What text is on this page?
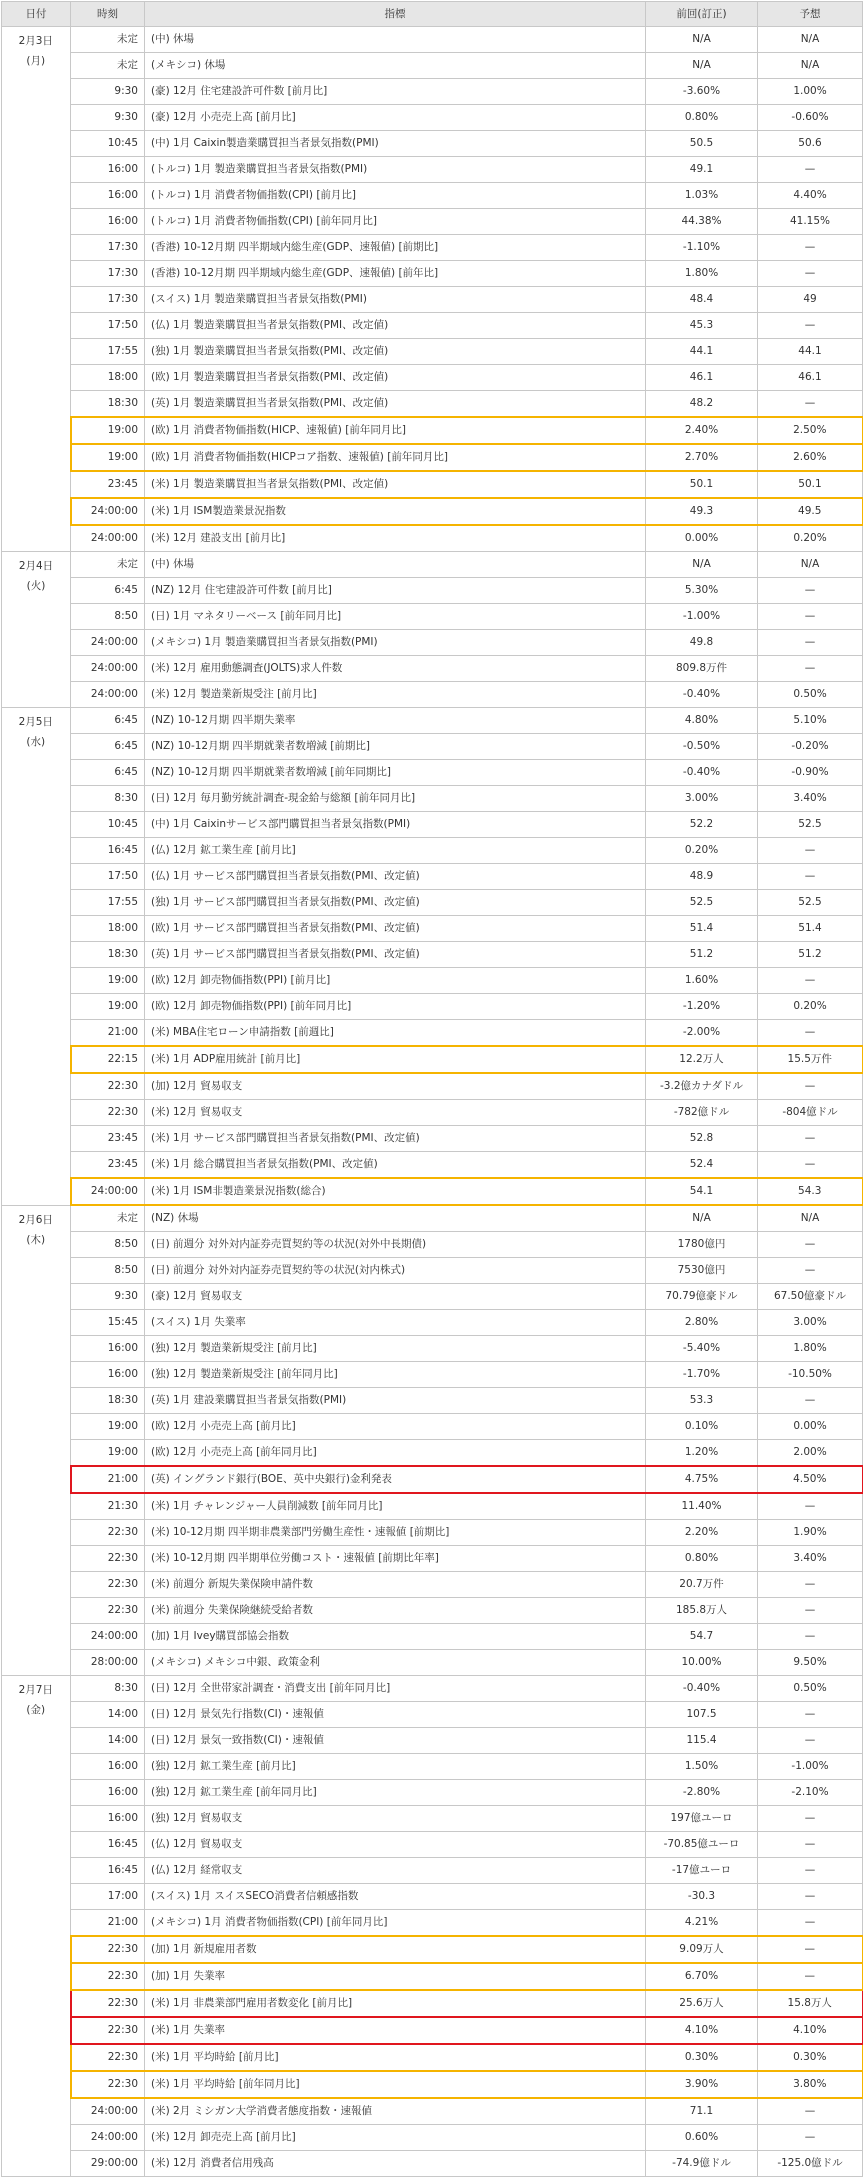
日付	時刻	指標	前回(訂正)	予想

2月3日
(月)	未定	(中) 休場	N/A	N/A
	未定	(メキシコ) 休場	N/A	N/A
	9:30	(豪) 12月 住宅建設許可件数 [前月比]	-3.60%	1.00%
	9:30	(豪) 12月 小売売上高 [前月比]	0.80%	-0.60%
	10:45	(中) 1月 Caixin製造業購買担当者景気指数(PMI)	50.5	50.6
	16:00	(トルコ) 1月 製造業購買担当者景気指数(PMI)	49.1	—
	16:00	(トルコ) 1月 消費者物価指数(CPI) [前月比]	1.03%	4.40%
	16:00	(トルコ) 1月 消費者物価指数(CPI) [前年同月比]	44.38%	41.15%
	17:30	(香港) 10-12月期 四半期域内総生産(GDP、速報値) [前期比]	-1.10%	—
	17:30	(香港) 10-12月期 四半期域内総生産(GDP、速報値) [前年比]	1.80%	—
	17:30	(スイス) 1月 製造業購買担当者景気指数(PMI)	48.4	49
	17:50	(仏) 1月 製造業購買担当者景気指数(PMI、改定値)	45.3	—
	17:55	(独) 1月 製造業購買担当者景気指数(PMI、改定値)	44.1	44.1
	18:00	(欧) 1月 製造業購買担当者景気指数(PMI、改定値)	46.1	46.1
	18:30	(英) 1月 製造業購買担当者景気指数(PMI、改定値)	48.2	—
	19:00	(欧) 1月 消費者物価指数(HICP、速報値) [前年同月比]	2.40%	2.50%
	19:00	(欧) 1月 消費者物価指数(HICPコア指数、速報値) [前年同月比]	2.70%	2.60%
	23:45	(米) 1月 製造業購買担当者景気指数(PMI、改定値)	50.1	50.1
	24:00:00	(米) 1月 ISM製造業景況指数	49.3	49.5
	24:00:00	(米) 12月 建設支出 [前月比]	0.00%	0.20%

2月4日
(火)	未定	(中) 休場	N/A	N/A
	6:45	(NZ) 12月 住宅建設許可件数 [前月比]	5.30%	—
	8:50	(日) 1月 マネタリーベース [前年同月比]	-1.00%	—
	24:00:00	(メキシコ) 1月 製造業購買担当者景気指数(PMI)	49.8	—
	24:00:00	(米) 12月 雇用動態調査(JOLTS)求人件数	809.8万件	—
	24:00:00	(米) 12月 製造業新規受注 [前月比]	-0.40%	0.50%

2月5日
(水)	6:45	(NZ) 10-12月期 四半期失業率	4.80%	5.10%
	6:45	(NZ) 10-12月期 四半期就業者数増減 [前期比]	-0.50%	-0.20%
	6:45	(NZ) 10-12月期 四半期就業者数増減 [前年同期比]	-0.40%	-0.90%
	8:30	(日) 12月 毎月勤労統計調査-現金給与総額 [前年同月比]	3.00%	3.40%
	10:45	(中) 1月 Caixinサービス部門購買担当者景気指数(PMI)	52.2	52.5
	16:45	(仏) 12月 鉱工業生産 [前月比]	0.20%	—
	17:50	(仏) 1月 サービス部門購買担当者景気指数(PMI、改定値)	48.9	—
	17:55	(独) 1月 サービス部門購買担当者景気指数(PMI、改定値)	52.5	52.5
	18:00	(欧) 1月 サービス部門購買担当者景気指数(PMI、改定値)	51.4	51.4
	18:30	(英) 1月 サービス部門購買担当者景気指数(PMI、改定値)	51.2	51.2
	19:00	(欧) 12月 卸売物価指数(PPI) [前月比]	1.60%	—
	19:00	(欧) 12月 卸売物価指数(PPI) [前年同月比]	-1.20%	0.20%
	21:00	(米) MBA住宅ローン申請指数 [前週比]	-2.00%	—
	22:15	(米) 1月 ADP雇用統計 [前月比]	12.2万人	15.5万件
	22:30	(加) 12月 貿易収支	-3.2億カナダドル	—
	22:30	(米) 12月 貿易収支	-782億ドル	-804億ドル
	23:45	(米) 1月 サービス部門購買担当者景気指数(PMI、改定値)	52.8	—
	23:45	(米) 1月 総合購買担当者景気指数(PMI、改定値)	52.4	—
	24:00:00	(米) 1月 ISM非製造業景況指数(総合)	54.1	54.3

2月6日
(木)	未定	(NZ) 休場	N/A	N/A
	8:50	(日) 前週分 対外対内証券売買契約等の状況(対外中長期債)	1780億円	—
	8:50	(日) 前週分 対外対内証券売買契約等の状況(対内株式)	7530億円	—
	9:30	(豪) 12月 貿易収支	70.79億豪ドル	67.50億豪ドル
	15:45	(スイス) 1月 失業率	2.80%	3.00%
	16:00	(独) 12月 製造業新規受注 [前月比]	-5.40%	1.80%
	16:00	(独) 12月 製造業新規受注 [前年同月比]	-1.70%	-10.50%
	18:30	(英) 1月 建設業購買担当者景気指数(PMI)	53.3	—
	19:00	(欧) 12月 小売売上高 [前月比]	0.10%	0.00%
	19:00	(欧) 12月 小売売上高 [前年同月比]	1.20%	2.00%
	21:00	(英) イングランド銀行(BOE、英中央銀行)金利発表	4.75%	4.50%
	21:30	(米) 1月 チャレンジャー人員削減数 [前年同月比]	11.40%	—
	22:30	(米) 10-12月期 四半期非農業部門労働生産性・速報値 [前期比]	2.20%	1.90%
	22:30	(米) 10-12月期 四半期単位労働コスト・速報値 [前期比年率]	0.80%	3.40%
	22:30	(米) 前週分 新規失業保険申請件数	20.7万件	—
	22:30	(米) 前週分 失業保険継続受給者数	185.8万人	—
	24:00:00	(加) 1月 Ivey購買部協会指数	54.7	—
	28:00:00	(メキシコ) メキシコ中銀、政策金利	10.00%	9.50%

2月7日
(金)	8:30	(日) 12月 全世帯家計調査・消費支出 [前年同月比]	-0.40%	0.50%
	14:00	(日) 12月 景気先行指数(CI)・速報値	107.5	—
	14:00	(日) 12月 景気一致指数(CI)・速報値	115.4	—
	16:00	(独) 12月 鉱工業生産 [前月比]	1.50%	-1.00%
	16:00	(独) 12月 鉱工業生産 [前年同月比]	-2.80%	-2.10%
	16:00	(独) 12月 貿易収支	197億ユーロ	—
	16:45	(仏) 12月 貿易収支	-70.85億ユーロ	—
	16:45	(仏) 12月 経常収支	-17億ユーロ	—
	17:00	(スイス) 1月 スイスSECO消費者信頼感指数	-30.3	—
	21:00	(メキシコ) 1月 消費者物価指数(CPI) [前年同月比]	4.21%	—
	22:30	(加) 1月 新規雇用者数	9.09万人	—
	22:30	(加) 1月 失業率	6.70%	—
	22:30	(米) 1月 非農業部門雇用者数変化 [前月比]	25.6万人	15.8万人
	22:30	(米) 1月 失業率	4.10%	4.10%
	22:30	(米) 1月 平均時給 [前月比]	0.30%	0.30%
	22:30	(米) 1月 平均時給 [前年同月比]	3.90%	3.80%
	24:00:00	(米) 2月 ミシガン大学消費者態度指数・速報値	71.1	—
	24:00:00	(米) 12月 卸売売上高 [前月比]	0.60%	—
	29:00:00	(米) 12月 消費者信用残高	-74.9億ドル	-125.0億ドル
